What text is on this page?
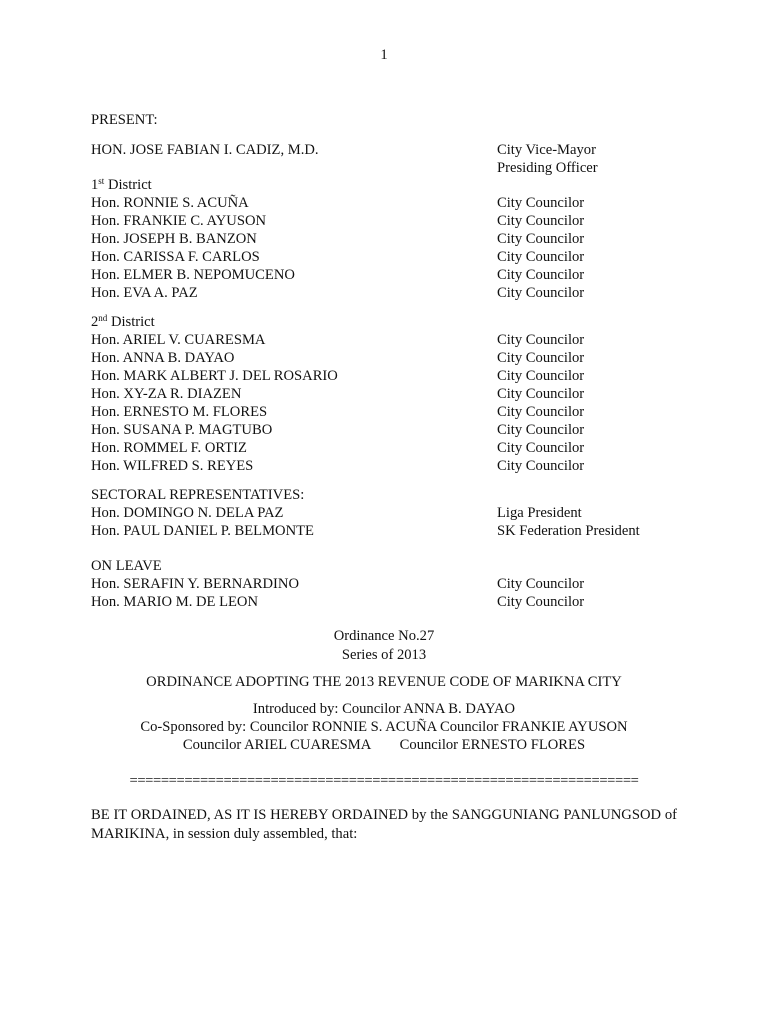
1
PRESENT:
HON. JOSE FABIAN I. CADIZ, M.D.	City Vice-Mayor
Presiding Officer
1st District
Hon. RONNIE S. ACUÑA	City Councilor
Hon. FRANKIE C. AYUSON	City Councilor
Hon. JOSEPH B. BANZON	City Councilor
Hon. CARISSA F. CARLOS	City Councilor
Hon. ELMER B. NEPOMUCENO	City Councilor
Hon. EVA A. PAZ	City Councilor
2nd District
Hon. ARIEL V. CUARESMA	City Councilor
Hon. ANNA B. DAYAO	City Councilor
Hon. MARK ALBERT J. DEL ROSARIO	City Councilor
Hon. XY-ZA R. DIAZEN	City Councilor
Hon. ERNESTO M. FLORES	City Councilor
Hon. SUSANA P. MAGTUBO	City Councilor
Hon. ROMMEL F. ORTIZ	City Councilor
Hon. WILFRED S. REYES	City Councilor
SECTORAL REPRESENTATIVES:
Hon. DOMINGO N. DELA PAZ	Liga President
Hon. PAUL DANIEL P. BELMONTE	SK Federation President
ON LEAVE
Hon. SERAFIN Y. BERNARDINO	City Councilor
Hon. MARIO M. DE LEON	City Councilor
Ordinance No.27
Series of 2013
ORDINANCE ADOPTING THE 2013 REVENUE CODE OF MARIKNA CITY
Introduced by: Councilor ANNA B. DAYAO
Co-Sponsored by: Councilor RONNIE S. ACUÑA Councilor FRANKIE AYUSON
Councilor ARIEL CUARESMA        Councilor ERNESTO FLORES
=================================================================
BE IT ORDAINED, AS IT IS HEREBY ORDAINED by the SANGGUNIANG PANLUNGSOD of MARIKINA, in session duly assembled, that:
